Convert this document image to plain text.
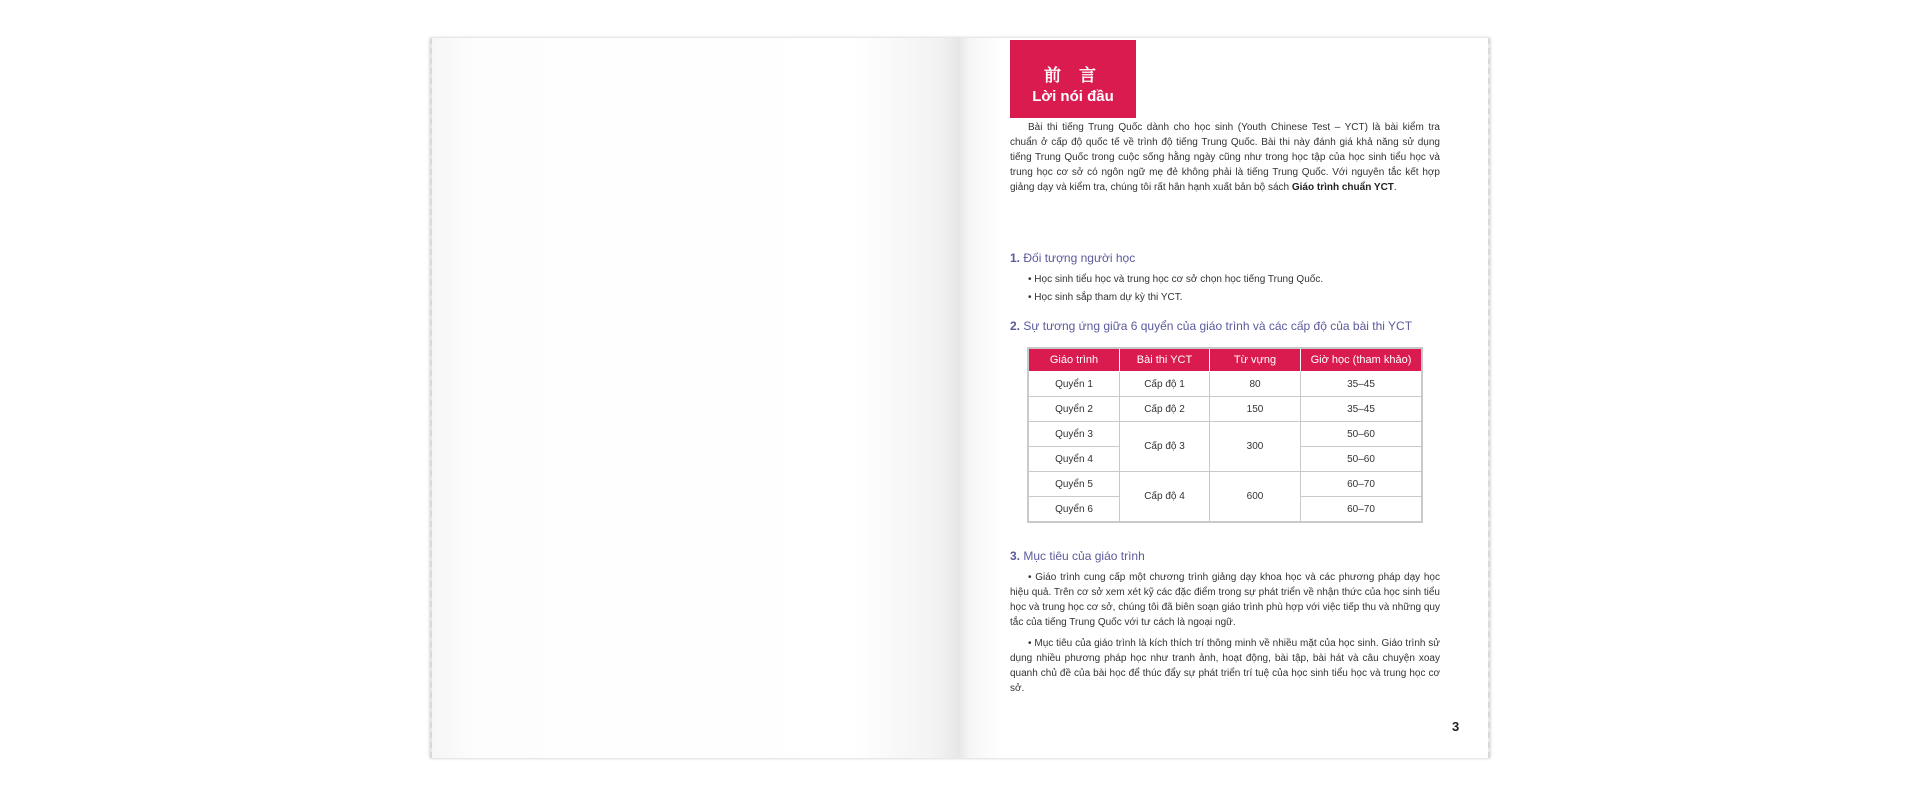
前 言
Lời nói đầu

Bài thi tiếng Trung Quốc dành cho học sinh (Youth Chinese Test – YCT) là bài kiểm tra chuẩn ở cấp độ quốc tế về trình độ tiếng Trung Quốc. Bài thi này đánh giá khả năng sử dụng tiếng Trung Quốc trong cuộc sống hằng ngày cũng như trong học tập của học sinh tiểu học và trung học cơ sở có ngôn ngữ mẹ đẻ không phải là tiếng Trung Quốc. Với nguyên tắc kết hợp giảng dạy và kiểm tra, chúng tôi rất hân hạnh xuất bản bộ sách Giáo trình chuẩn YCT.

1. Đối tượng người học
• Học sinh tiểu học và trung học cơ sở chọn học tiếng Trung Quốc.
• Học sinh sắp tham dự kỳ thi YCT.
2. Sự tương ứng giữa 6 quyển của giáo trình và các cấp độ của bài thi YCT
Giáo trình	Bài thi YCT	Từ vựng	Giờ học (tham khảo)
Quyển 1	Cấp độ 1	80	35–45
Quyển 2	Cấp độ 2	150	35–45
Quyển 3	Cấp độ 3	300	50–60
Quyển 4			50–60
Quyển 5	Cấp độ 4	600	60–70
Quyển 6			60–70
3. Mục tiêu của giáo trình

• Giáo trình cung cấp một chương trình giảng dạy khoa học và các phương pháp dạy học hiệu quả. Trên cơ sở xem xét kỹ các đặc điểm trong sự phát triển về nhận thức của học sinh tiểu học và trung học cơ sở, chúng tôi đã biên soạn giáo trình phù hợp với việc tiếp thu và những quy tắc của tiếng Trung Quốc với tư cách là ngoại ngữ.

• Mục tiêu của giáo trình là kích thích trí thông minh về nhiều mặt của học sinh. Giáo trình sử dụng nhiều phương pháp học như tranh ảnh, hoạt động, bài tập, bài hát và câu chuyện xoay quanh chủ đề của bài học để thúc đẩy sự phát triển trí tuệ của học sinh tiểu học và trung học cơ sở.

3
